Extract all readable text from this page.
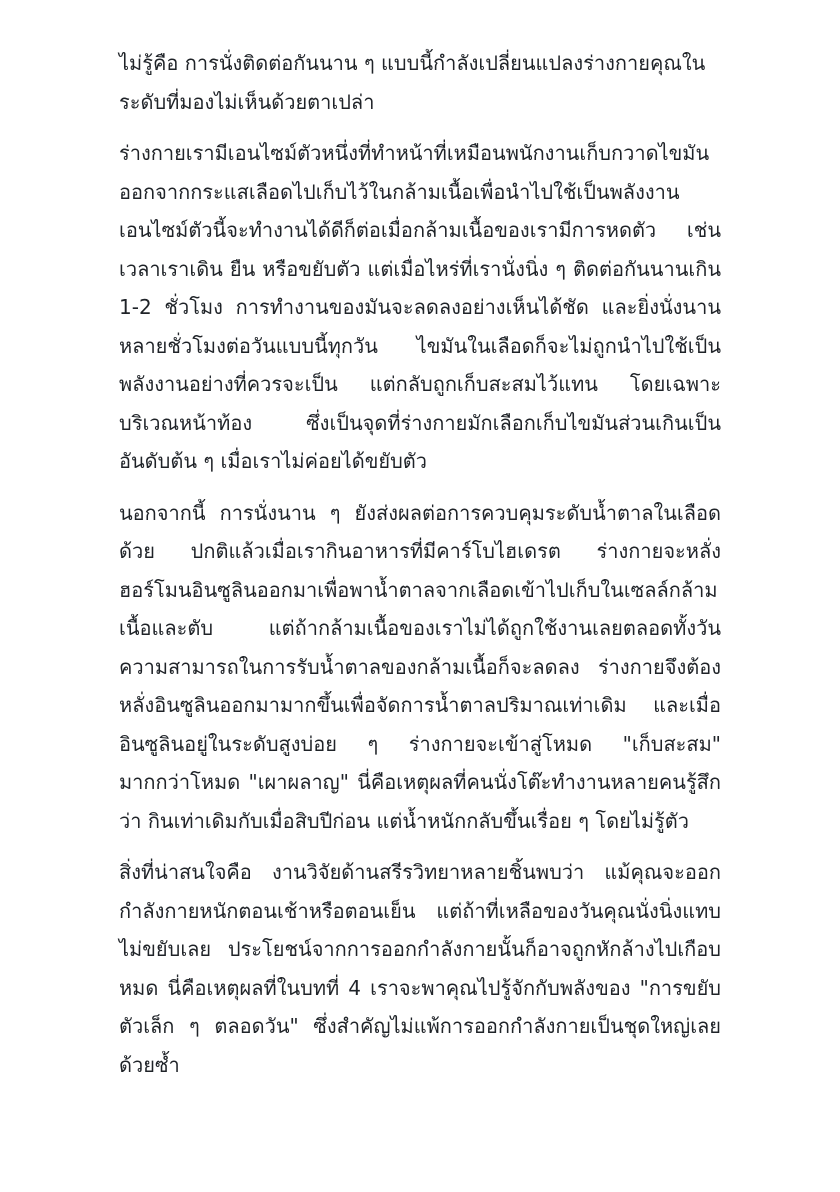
ไม่รู้คือ การนั่งติดต่อกันนาน ๆ แบบนี้กำลังเปลี่ยนแปลงร่างกายคุณในระดับที่มองไม่เห็นด้วยตาเปล่า

ร่างกายเรามีเอนไซม์ตัวหนึ่งที่ทำหน้าที่เหมือนพนักงานเก็บกวาดไขมันออกจากกระแสเลือดไปเก็บไว้ในกล้ามเนื้อเพื่อนำไปใช้เป็นพลังงาน เอนไซม์ตัวนี้จะทำงานได้ดีก็ต่อเมื่อกล้ามเนื้อของเรามีการหดตัว เช่น เวลาเราเดิน ยืน หรือขยับตัว แต่เมื่อไหร่ที่เรานั่งนิ่ง ๆ ติดต่อกันนานเกิน 1-2 ชั่วโมง การทำงานของมันจะลดลงอย่างเห็นได้ชัด และยิ่งนั่งนานหลายชั่วโมงต่อวันแบบนี้ทุกวัน ไขมันในเลือดก็จะไม่ถูกนำไปใช้เป็นพลังงานอย่างที่ควรจะเป็น แต่กลับถูกเก็บสะสมไว้แทน โดยเฉพาะบริเวณหน้าท้อง ซึ่งเป็นจุดที่ร่างกายมักเลือกเก็บไขมันส่วนเกินเป็นอันดับต้น ๆ เมื่อเราไม่ค่อยได้ขยับตัว

นอกจากนี้ การนั่งนาน ๆ ยังส่งผลต่อการควบคุมระดับน้ำตาลในเลือดด้วย ปกติแล้วเมื่อเรากินอาหารที่มีคาร์โบไฮเดรต ร่างกายจะหลั่งฮอร์โมนอินซูลินออกมาเพื่อพาน้ำตาลจากเลือดเข้าไปเก็บในเซลล์กล้ามเนื้อและตับ แต่ถ้ากล้ามเนื้อของเราไม่ได้ถูกใช้งานเลยตลอดทั้งวัน ความสามารถในการรับน้ำตาลของกล้ามเนื้อก็จะลดลง ร่างกายจึงต้องหลั่งอินซูลินออกมามากขึ้นเพื่อจัดการน้ำตาลปริมาณเท่าเดิม และเมื่ออินซูลินอยู่ในระดับสูงบ่อย ๆ ร่างกายจะเข้าสู่โหมด "เก็บสะสม" มากกว่าโหมด "เผาผลาญ" นี่คือเหตุผลที่คนนั่งโต๊ะทำงานหลายคนรู้สึกว่า กินเท่าเดิมกับเมื่อสิบปีก่อน แต่น้ำหนักกลับขึ้นเรื่อย ๆ โดยไม่รู้ตัว

สิ่งที่น่าสนใจคือ งานวิจัยด้านสรีรวิทยาหลายชิ้นพบว่า แม้คุณจะออกกำลังกายหนักตอนเช้าหรือตอนเย็น แต่ถ้าที่เหลือของวันคุณนั่งนิ่งแทบไม่ขยับเลย ประโยชน์จากการออกกำลังกายนั้นก็อาจถูกหักล้างไปเกือบหมด นี่คือเหตุผลที่ในบทที่ 4 เราจะพาคุณไปรู้จักกับพลังของ "การขยับตัวเล็ก ๆ ตลอดวัน" ซึ่งสำคัญไม่แพ้การออกกำลังกายเป็นชุดใหญ่เลยด้วยซ้ำ
